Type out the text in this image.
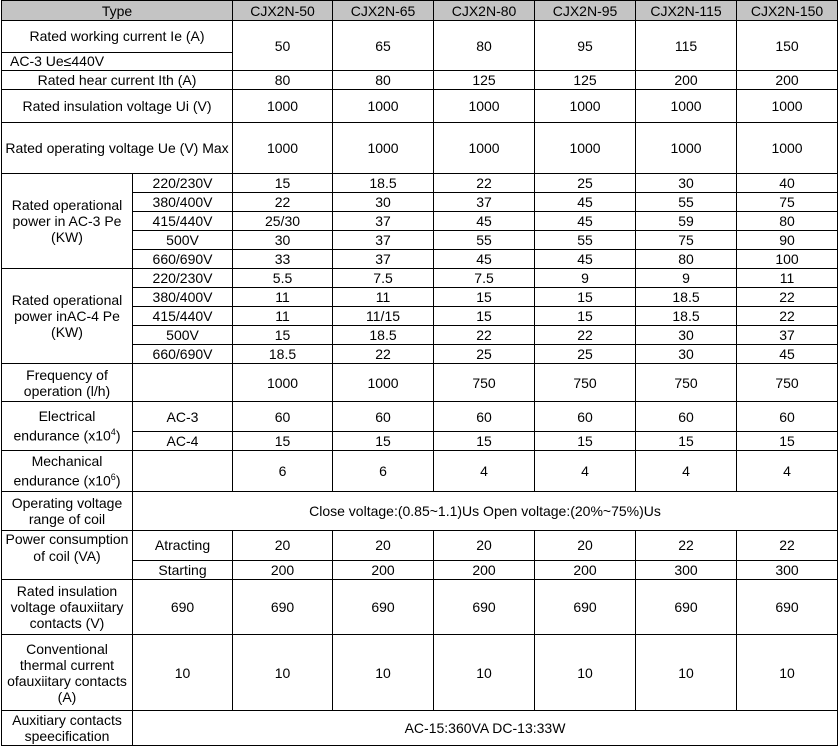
Type		CJX2N-50	CJX2N-65	CJX2N-80	CJX2N-95	CJX2N-115	CJX2N-150

Rated working current Ie (A)
AC-3 Ue≤440V		50	65	80	95	115	150
Rated hear current Ith (A)		80	80	125	125	200	200
Rated insulation voltage Ui (V)		1000	1000	1000	1000	1000	1000
Rated operating voltage Ue (V) Max		1000	1000	1000	1000	1000	1000
Rated operational power in AC-3 Pe (KW)	220/230V	15	18.5	22	25	30	40
	380/400V	22	30	37	45	55	75
	415/440V	25/30	37	45	45	59	80
	500V	30	37	55	55	75	90
	660/690V	33	37	45	45	80	100
Rated operational power inAC-4 Pe (KW)	220/230V	5.5	7.5	7.5	9	9	11
	380/400V	11	11	15	15	18.5	22
	415/440V	11	11/15	15	15	18.5	22
	500V	15	18.5	22	22	30	37
	660/690V	18.5	22	25	25	30	45
Frequency of operation (l/h)		1000	1000	750	750	750	750
Electrical endurance $(x10^4)$	AC-3	60	60	60	60	60	60
	AC-4	15	15	15	15	15	15
Mechanical endurance $(x10^6)$		6	6	4	4	4	4
Operating voltage range of coil	Close voltage:(0.85~1.1)Us Open voltage:(20%~75%)Us						
Power consumption of coil (VA)	Atracting	20	20	20	20	22	22
	Starting	200	200	200	200	300	300
Rated insulation voltage ofauxiitary contacts (V)	690	690	690	690	690	690	690
Conventional thermal current ofauxiitary contacts (A)	10	10	10	10	10	10	10
Auxitiary contacts speecification	AC-15:360VA DC-13:33W						
